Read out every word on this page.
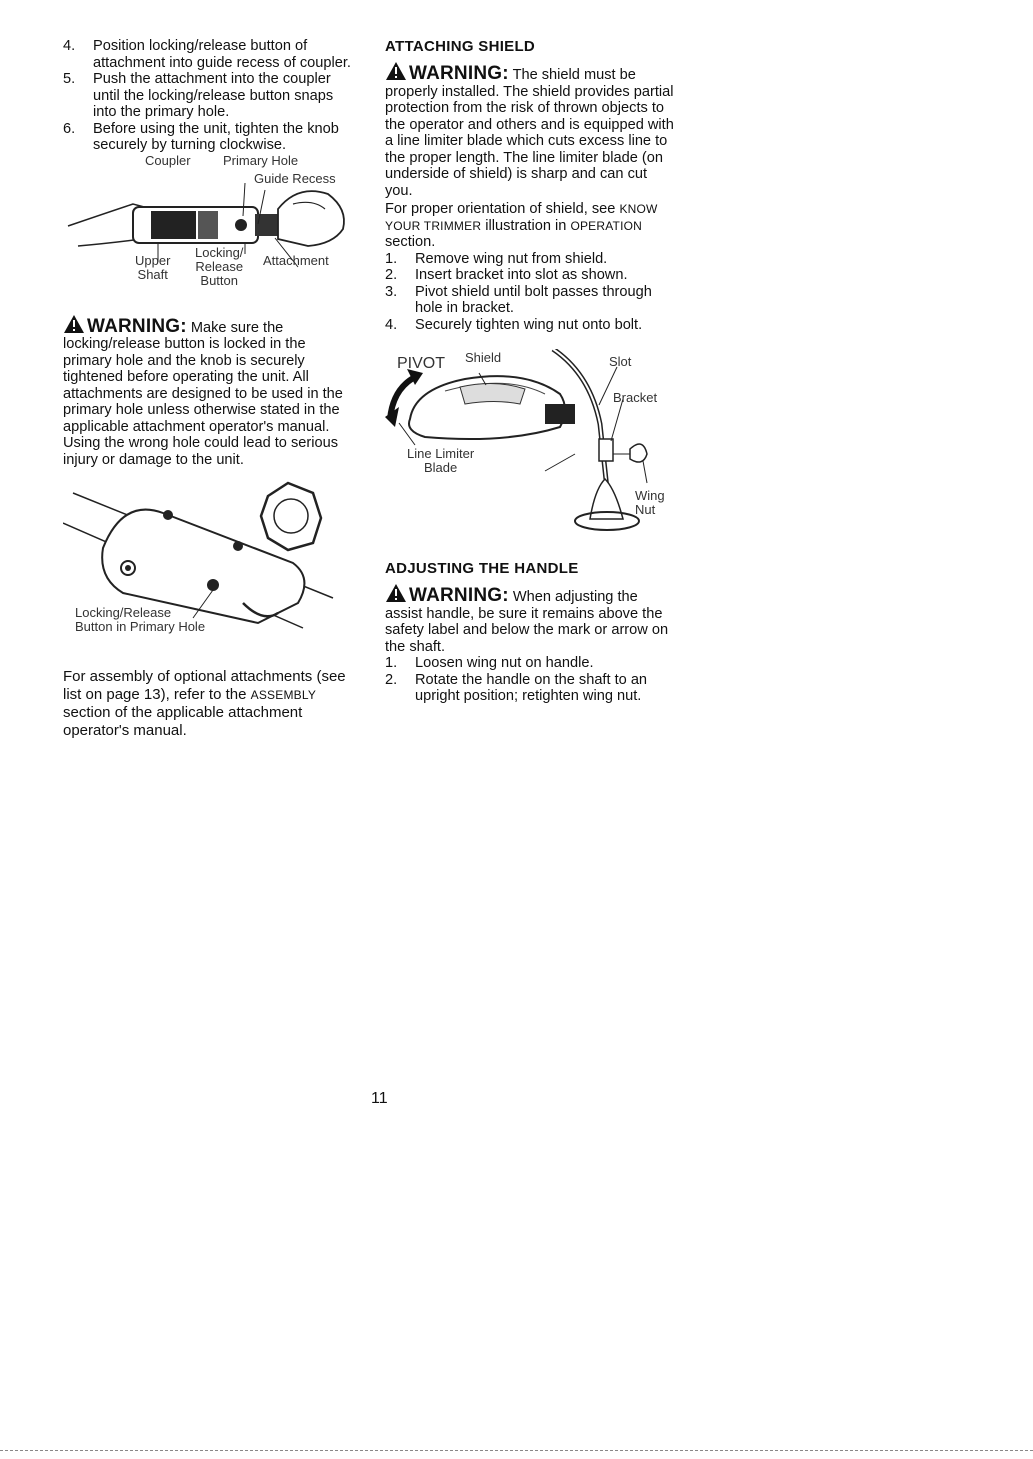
4. Position locking/release button of attachment into guide recess of coupler.
5. Push the attachment into the coupler until the locking/release button snaps into the primary hole.
6. Before using the unit, tighten the knob securely by turning clockwise.
Coupler Primary Hole
Guide Recess
Upper
Shaft
Locking/
Release
Button
Attachment
WARNING: Make sure the locking/release button is locked in the primary hole and the knob is securely tightened before operating the unit. All attachments are designed to be used in the primary hole unless otherwise stated in the applicable attachment operator's manual. Using the wrong hole could lead to serious injury or damage to the unit.
Locking/Release
Button in Primary Hole
For assembly of optional attachments (see list on page 13), refer to the ASSEMBLY section of the applicable attachment operator's manual.
ATTACHING SHIELD
WARNING: The shield must be properly installed. The shield provides partial protection from the risk of thrown objects to the operator and others and is equipped with a line limiter blade which cuts excess line to the proper length. The line limiter blade (on underside of shield) is sharp and can cut you.
For proper orientation of shield, see KNOW YOUR TRIMMER illustration in OPERATION section.
1. Remove wing nut from shield.
2. Insert bracket into slot as shown.
3. Pivot shield until bolt passes through hole in bracket.
4. Securely tighten wing nut onto bolt.
PIVOT Shield	Slot
Bracket
Line Limiter
Blade
Wing
Nut
ADJUSTING THE HANDLE
WARNING: When adjusting the assist handle, be sure it remains above the safety label and below the mark or arrow on the shaft.
1. Loosen wing nut on handle.
2. Rotate the handle on the shaft to an upright position; retighten wing nut.
11
